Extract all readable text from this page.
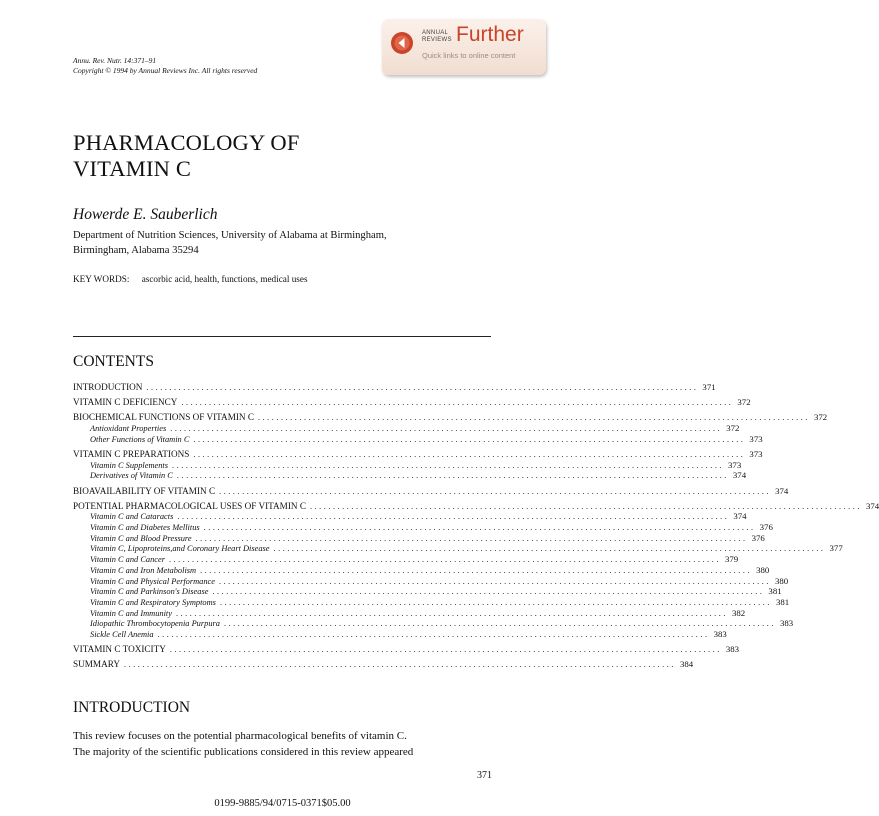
Annu. Rev. Nutr. 14:371–91
Copyright © 1994 by Annual Reviews Inc. All rights reserved
ANNUAL
REVIEWS Further
Quick links to online content
PHARMACOLOGY OF
VITAMIN C
Howerde E. Sauberlich
Department of Nutrition Sciences, University of Alabama at Birmingham,
Birmingham, Alabama 35294
KEY WORDS: ascorbic acid, health, functions, medical uses
CONTENTS
INTRODUCTION ........................................................................................................................ 371
VITAMIN C DEFICIENCY ........................................................................................................................ 372
BIOCHEMICAL FUNCTIONS OF VITAMIN C ........................................................................................................................ 372
Antioxidant Properties ........................................................................................................................ 372
Other Functions of Vitamin C ........................................................................................................................ 373
VITAMIN C PREPARATIONS ........................................................................................................................ 373
Vitamin C Supplements ........................................................................................................................ 373
Derivatives of Vitamin C ........................................................................................................................ 374
BIOAVAILABILITY OF VITAMIN C ........................................................................................................................ 374
POTENTIAL PHARMACOLOGICAL USES OF VITAMIN C ........................................................................................................................ 374
Vitamin C and Cataracts ........................................................................................................................ 374
Vitamin C and Diabetes Mellitus ........................................................................................................................ 376
Vitamin C and Blood Pressure ........................................................................................................................ 376
Vitamin C, Lipoproteins,and Coronary Heart Disease ........................................................................................................................ 377
Vitamin C and Cancer ........................................................................................................................ 379
Vitamin C and Iron Metabolism ........................................................................................................................ 380
Vitamin C and Physical Performance ........................................................................................................................ 380
Vitamin C and Parkinson's Disease ........................................................................................................................ 381
Vitamin C and Respiratory Symptoms ........................................................................................................................ 381
Vitamin C and Immunity ........................................................................................................................ 382
Idiopathic Thrombocytopenia Purpura ........................................................................................................................ 383
Sickle Cell Anemia ........................................................................................................................ 383
VITAMIN C TOXICITY ........................................................................................................................ 383
SUMMARY ........................................................................................................................ 384
INTRODUCTION
This review focuses on the potential pharmacological benefits of vitamin C.
The majority of the scientific publications considered in this review appeared
371
0199-9885/94/0715-0371$05.00
